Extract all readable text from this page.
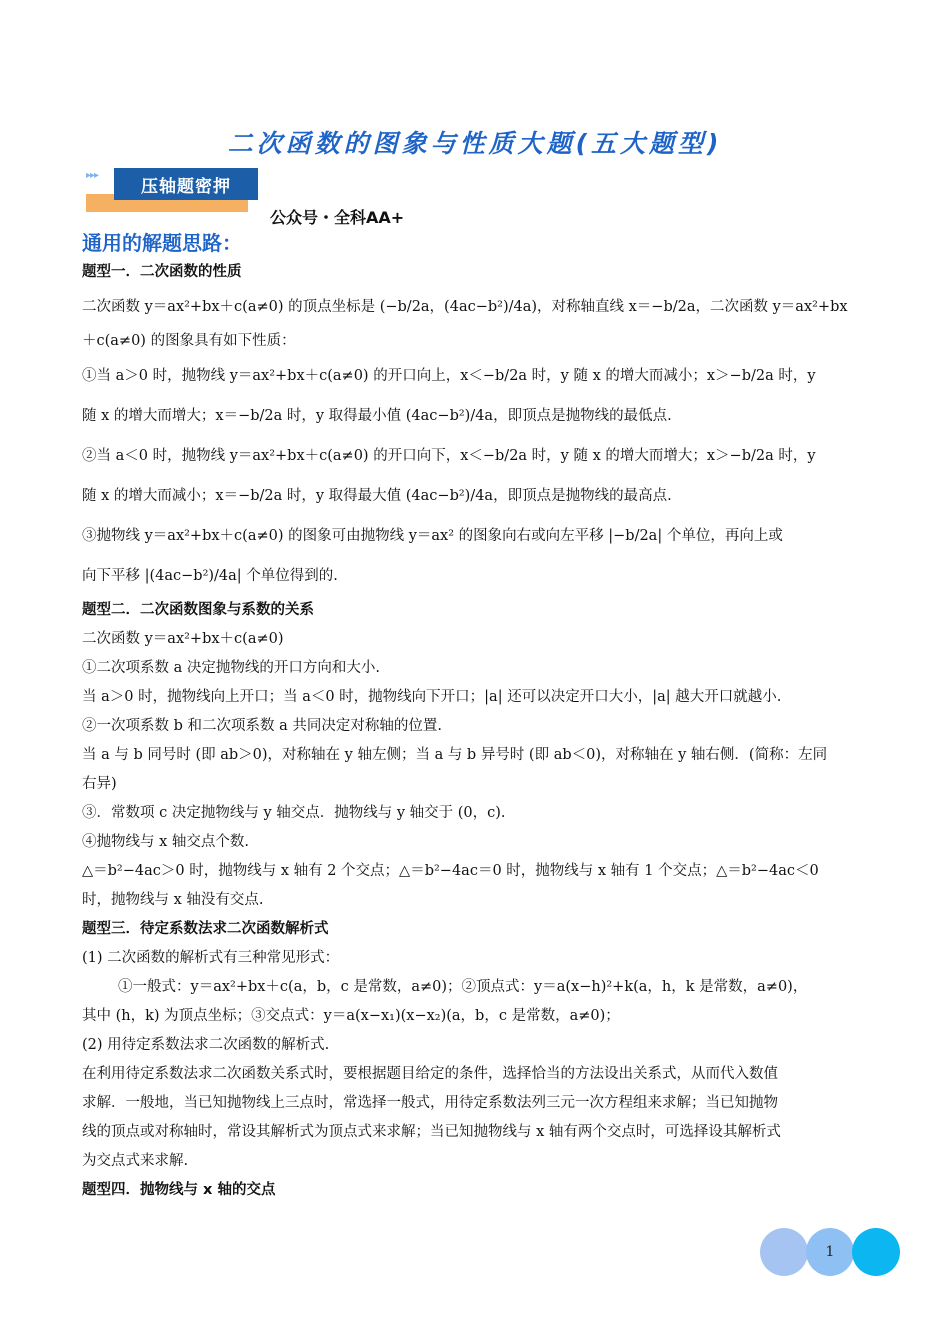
二次函数的图象与性质大题(五大题型)
▸▸▸
压轴题密押
公众号・全科AA+
通用的解题思路：

题型一．二次函数的性质

二次函数 y＝ax²+bx＋c(a≠0) 的顶点坐标是 (−b/2a，(4ac−b²)/4a)，对称轴直线 x＝−b/2a，二次函数 y＝ax²+bx

＋c(a≠0) 的图象具有如下性质：

①当 a＞0 时，抛物线 y＝ax²+bx＋c(a≠0) 的开口向上，x＜−b/2a 时，y 随 x 的增大而减小；x＞−b/2a 时，y

随 x 的增大而增大；x＝−b/2a 时，y 取得最小值 (4ac−b²)/4a，即顶点是抛物线的最低点.

②当 a＜0 时，抛物线 y＝ax²+bx＋c(a≠0) 的开口向下，x＜−b/2a 时，y 随 x 的增大而增大；x＞−b/2a 时，y

随 x 的增大而减小；x＝−b/2a 时，y 取得最大值 (4ac−b²)/4a，即顶点是抛物线的最高点.

③抛物线 y＝ax²+bx＋c(a≠0) 的图象可由抛物线 y＝ax² 的图象向右或向左平移 |−b/2a| 个单位，再向上或

向下平移 |(4ac−b²)/4a| 个单位得到的.

题型二．二次函数图象与系数的关系

二次函数 y＝ax²+bx＋c(a≠0)

①二次项系数 a 决定抛物线的开口方向和大小.

当 a＞0 时，抛物线向上开口；当 a＜0 时，抛物线向下开口；|a| 还可以决定开口大小，|a| 越大开口就越小.

②一次项系数 b 和二次项系数 a 共同决定对称轴的位置.

当 a 与 b 同号时 (即 ab＞0)，对称轴在 y 轴左侧；当 a 与 b 异号时 (即 ab＜0)，对称轴在 y 轴右侧．(简称：左同

右异)

③．常数项 c 决定抛物线与 y 轴交点．抛物线与 y 轴交于 (0，c).

④抛物线与 x 轴交点个数.

△＝b²−4ac＞0 时，抛物线与 x 轴有 2 个交点；△＝b²−4ac＝0 时，抛物线与 x 轴有 1 个交点；△＝b²−4ac＜0

时，抛物线与 x 轴没有交点.

题型三．待定系数法求二次函数解析式

(1) 二次函数的解析式有三种常见形式：

①一般式：y＝ax²+bx＋c(a，b，c 是常数，a≠0)；②顶点式：y＝a(x−h)²+k(a，h，k 是常数，a≠0)，

其中 (h，k) 为顶点坐标；③交点式：y＝a(x−x₁)(x−x₂)(a，b，c 是常数，a≠0)；

(2) 用待定系数法求二次函数的解析式.

在利用待定系数法求二次函数关系式时，要根据题目给定的条件，选择恰当的方法设出关系式，从而代入数值

求解．一般地，当已知抛物线上三点时，常选择一般式，用待定系数法列三元一次方程组来求解；当已知抛物

线的顶点或对称轴时，常设其解析式为顶点式来求解；当已知抛物线与 x 轴有两个交点时，可选择设其解析式

为交点式来求解.

题型四．抛物线与 x 轴的交点

1
